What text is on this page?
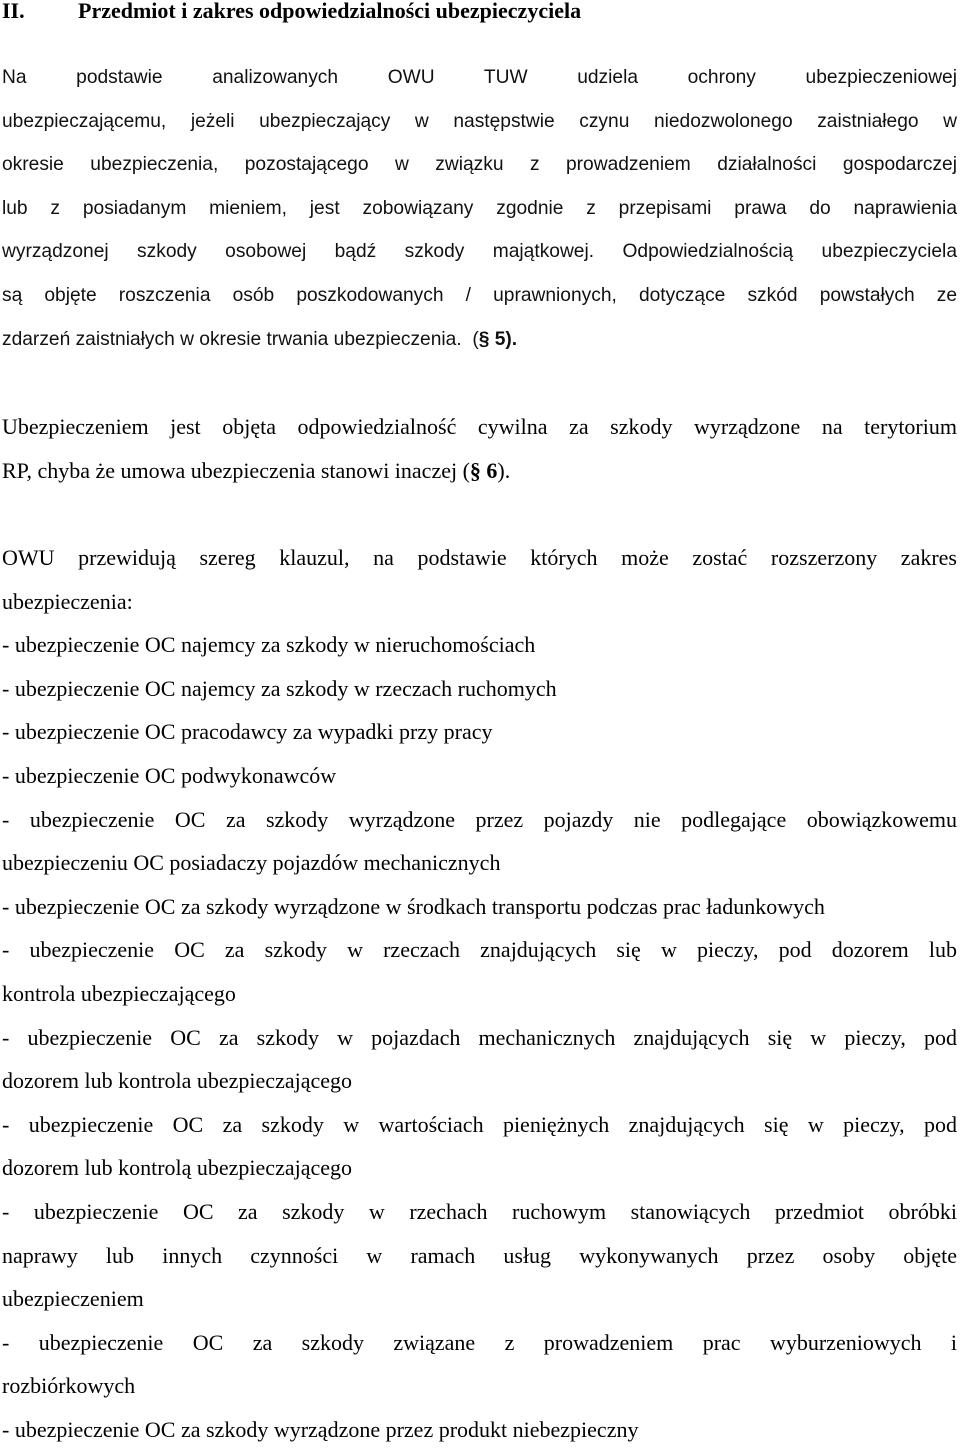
II. Przedmiot i zakres odpowiedzialności ubezpieczyciela
Na podstawie analizowanych OWU TUW udziela ochrony ubezpieczeniowej
ubezpieczającemu, jeżeli ubezpieczający w następstwie czynu niedozwolonego zaistniałego w
okresie ubezpieczenia, pozostającego w związku z prowadzeniem działalności gospodarczej
lub z posiadanym mieniem, jest zobowiązany zgodnie z przepisami prawa do naprawienia
wyrządzonej szkody osobowej bądź szkody majątkowej. Odpowiedzialnością ubezpieczyciela
są objęte roszczenia osób poszkodowanych / uprawnionych, dotyczące szkód powstałych ze
zdarzeń zaistniałych w okresie trwania ubezpieczenia. (§ 5).
Ubezpieczeniem jest objęta odpowiedzialność cywilna za szkody wyrządzone na terytorium
RP, chyba że umowa ubezpieczenia stanowi inaczej (§ 6).
OWU przewidują szereg klauzul, na podstawie których może zostać rozszerzony zakres
ubezpieczenia:
- ubezpieczenie OC najemcy za szkody w nieruchomościach
- ubezpieczenie OC najemcy za szkody w rzeczach ruchomych
- ubezpieczenie OC pracodawcy za wypadki przy pracy
- ubezpieczenie OC podwykonawców
- ubezpieczenie OC za szkody wyrządzone przez pojazdy nie podlegające obowiązkowemu
ubezpieczeniu OC posiadaczy pojazdów mechanicznych
- ubezpieczenie OC za szkody wyrządzone w środkach transportu podczas prac ładunkowych
- ubezpieczenie OC za szkody w rzeczach znajdujących się w pieczy, pod dozorem lub
kontrola ubezpieczającego
- ubezpieczenie OC za szkody w pojazdach mechanicznych znajdujących się w pieczy, pod
dozorem lub kontrola ubezpieczającego
- ubezpieczenie OC za szkody w wartościach pieniężnych znajdujących się w pieczy, pod
dozorem lub kontrolą ubezpieczającego
- ubezpieczenie OC za szkody w rzechach ruchowym stanowiących przedmiot obróbki
naprawy lub innych czynności w ramach usług wykonywanych przez osoby objęte
ubezpieczeniem
- ubezpieczenie OC za szkody związane z prowadzeniem prac wyburzeniowych i
rozbiórkowych
- ubezpieczenie OC za szkody wyrządzone przez produkt niebezpieczny
